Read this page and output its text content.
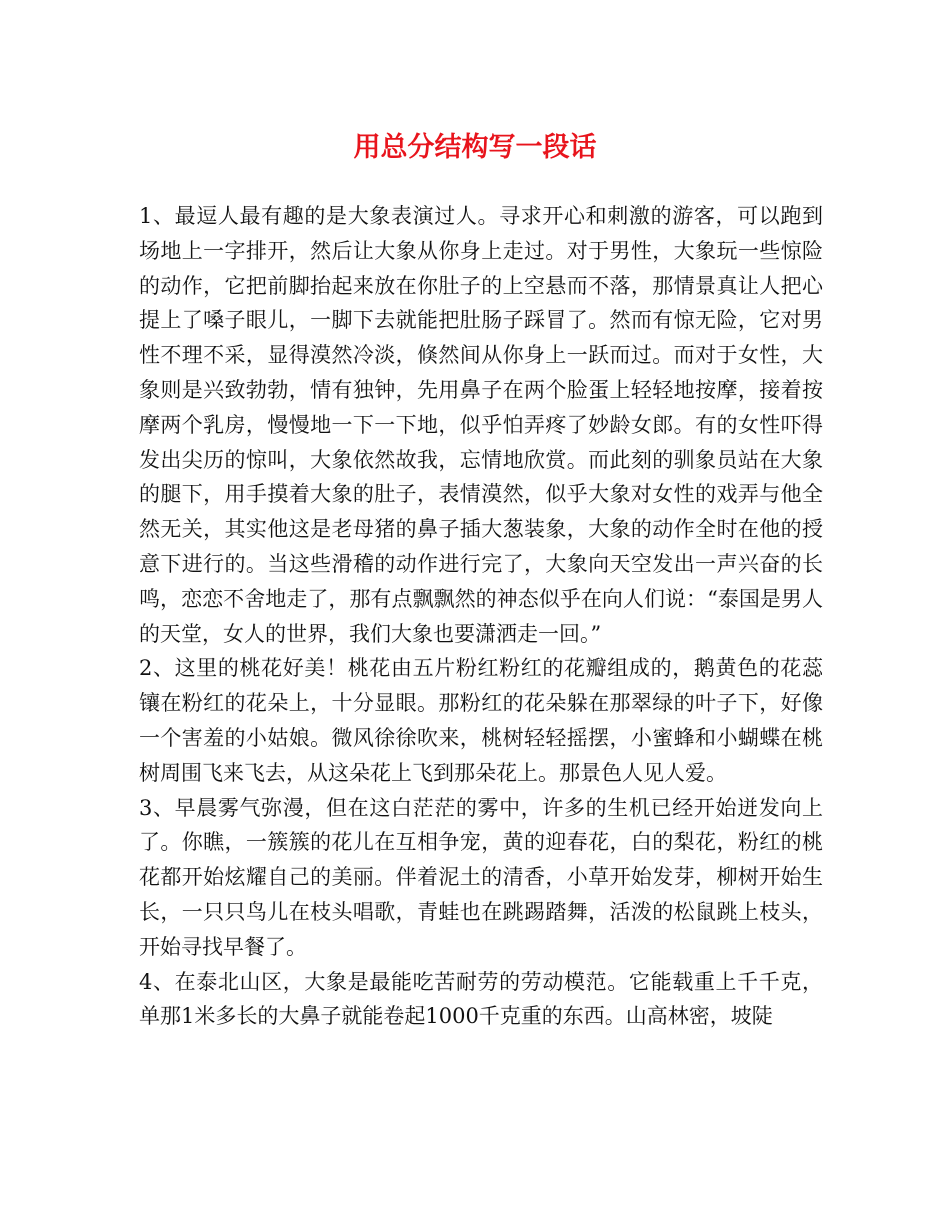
用总分结构写一段话

1、最逗人最有趣的是大象表演过人。寻求开心和刺激的游客，可以跑到场地上一字排开，然后让大象从你身上走过。对于男性，大象玩一些惊险的动作，它把前脚抬起来放在你肚子的上空悬而不落，那情景真让人把心提上了嗓子眼儿，一脚下去就能把肚肠子踩冒了。然而有惊无险，它对男性不理不采，显得漠然冷淡，倏然间从你身上一跃而过。而对于女性，大象则是兴致勃勃，情有独钟，先用鼻子在两个脸蛋上轻轻地按摩，接着按摩两个乳房，慢慢地一下一下地，似乎怕弄疼了妙龄女郎。有的女性吓得发出尖历的惊叫，大象依然故我，忘情地欣赏。而此刻的驯象员站在大象的腿下，用手摸着大象的肚子，表情漠然，似乎大象对女性的戏弄与他全然无关，其实他这是老母猪的鼻子插大葱装象，大象的动作全时在他的授意下进行的。当这些滑稽的动作进行完了，大象向天空发出一声兴奋的长鸣，恋恋不舍地走了，那有点飘飘然的神态似乎在向人们说：“泰国是男人的天堂，女人的世界，我们大象也要潇洒走一回。”

2、这里的桃花好美！桃花由五片粉红粉红的花瓣组成的，鹅黄色的花蕊镶在粉红的花朵上，十分显眼。那粉红的花朵躲在那翠绿的叶子下，好像一个害羞的小姑娘。微风徐徐吹来，桃树轻轻摇摆，小蜜蜂和小蝴蝶在桃树周围飞来飞去，从这朵花上飞到那朵花上。那景色人见人爱。

3、早晨雾气弥漫，但在这白茫茫的雾中，许多的生机已经开始迸发向上了。你瞧，一簇簇的花儿在互相争宠，黄的迎春花，白的梨花，粉红的桃花都开始炫耀自己的美丽。伴着泥土的清香，小草开始发芽，柳树开始生长，一只只鸟儿在枝头唱歌，青蛙也在跳踢踏舞，活泼的松鼠跳上枝头，开始寻找早餐了。

4、在泰北山区，大象是最能吃苦耐劳的劳动模范。它能载重上千千克，单那1米多长的大鼻子就能卷起1000千克重的东西。山高林密，坡陡
